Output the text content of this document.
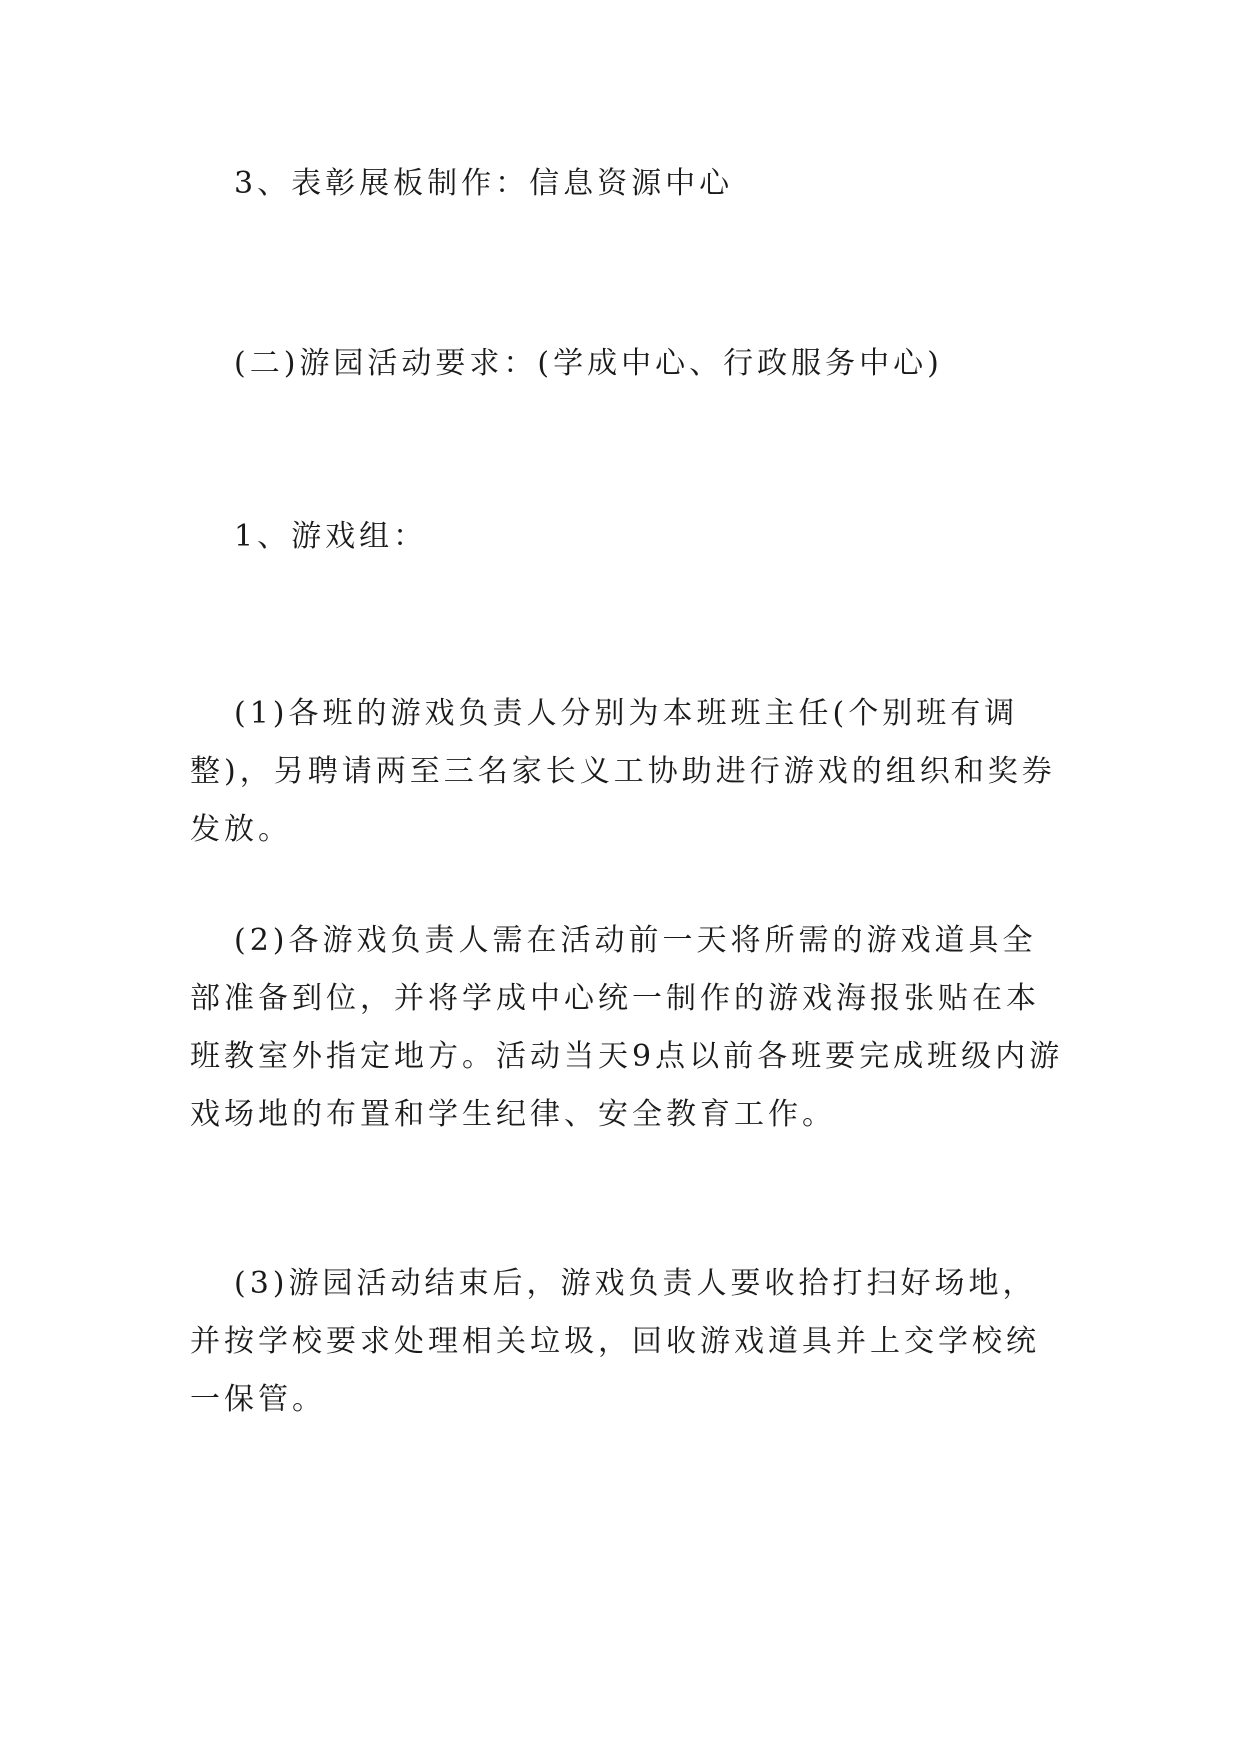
3、表彰展板制作：信息资源中心

(二)游园活动要求：(学成中心、行政服务中心)

1、游戏组：

(1)各班的游戏负责人分别为本班班主任(个别班有调整)，另聘请两至三名家长义工协助进行游戏的组织和奖券发放。

(2)各游戏负责人需在活动前一天将所需的游戏道具全部准备到位，并将学成中心统一制作的游戏海报张贴在本班教室外指定地方。活动当天9点以前各班要完成班级内游戏场地的布置和学生纪律、安全教育工作。

(3)游园活动结束后，游戏负责人要收拾打扫好场地，并按学校要求处理相关垃圾，回收游戏道具并上交学校统一保管。
